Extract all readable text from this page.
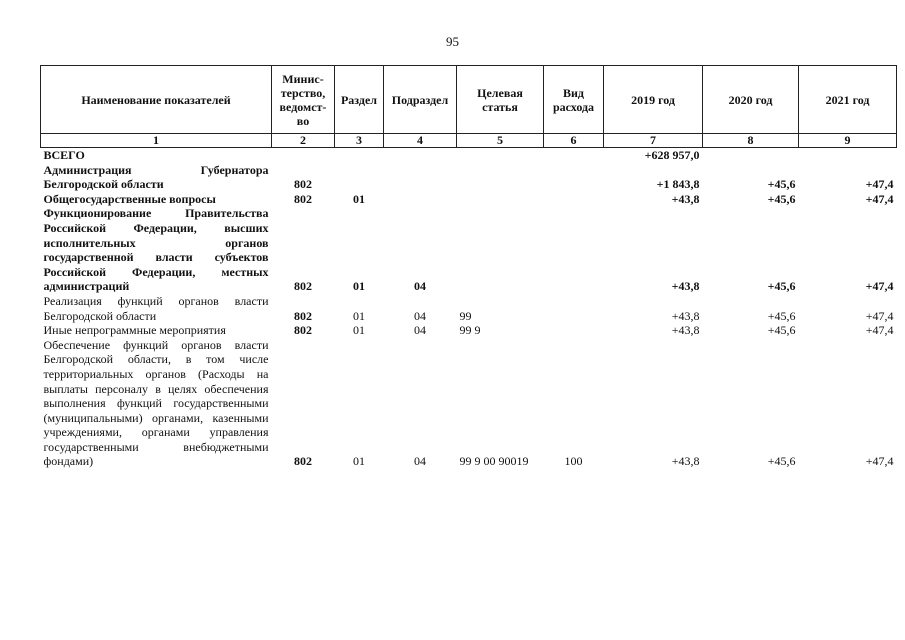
95
Наименование показателей	Минис-терство, ведомст-во	Раздел	Подраздел	Целевая статья	Вид расхода	2019 год	2020 год	2021 год
1	2	3	4	5	6	7	8	9
ВСЕГО						+628 957,0		
Администрация Губернатора Белгородской области	802					+1 843,8	+45,6	+47,4
Общегосударственные вопросы	802	01				+43,8	+45,6	+47,4
Функционирование Правительства Российской Федерации, высших исполнительных органов государственной власти субъектов Российской Федерации, местных администраций	802	01	04			+43,8	+45,6	+47,4
Реализация функций органов власти Белгородской области	802	01	04	99		+43,8	+45,6	+47,4
Иные непрограммные мероприятия	802	01	04	99 9		+43,8	+45,6	+47,4
Обеспечение функций органов власти Белгородской области, в том числе территориальных органов (Расходы на выплаты персоналу в целях обеспечения выполнения функций государственными (муниципальными) органами, казенными учреждениями, органами управления государственными внебюджетными фондами)	802	01	04	99 9 00 90019	100	+43,8	+45,6	+47,4
